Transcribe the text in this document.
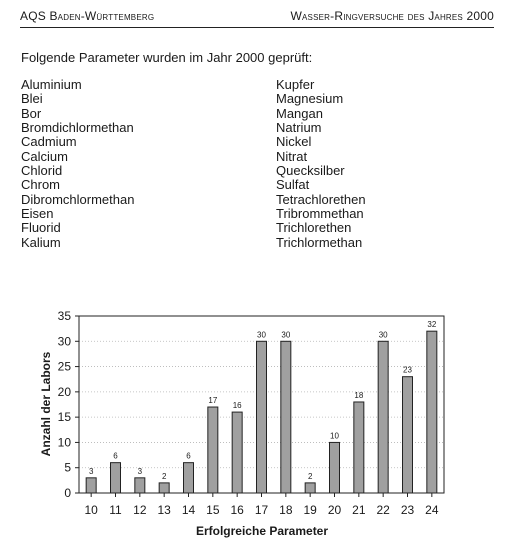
AQS Baden-Württemberg	Wasser-Ringversuche des Jahres 2000
Folgende Parameter wurden im Jahr 2000 geprüft:
Aluminium
Blei
Bor
Bromdichlormethan
Cadmium
Calcium
Chlorid
Chrom
Dibromchlormethan
Eisen
Fluorid
Kalium
Kupfer
Magnesium
Mangan
Natrium
Nickel
Nitrat
Quecksilber
Sulfat
Tetrachlorethen
Tribrommethan
Trichlorethen
Trichlormethan
3
6
3
2
6
17
16
30 30
2
10
18
30
23
32
0
5
10
15
20
25
30
35
10 11 12 13 14 15 16 17 18 19 20 21 22 23 24
Anzahl der Labors
Erfolgreiche Parameter
